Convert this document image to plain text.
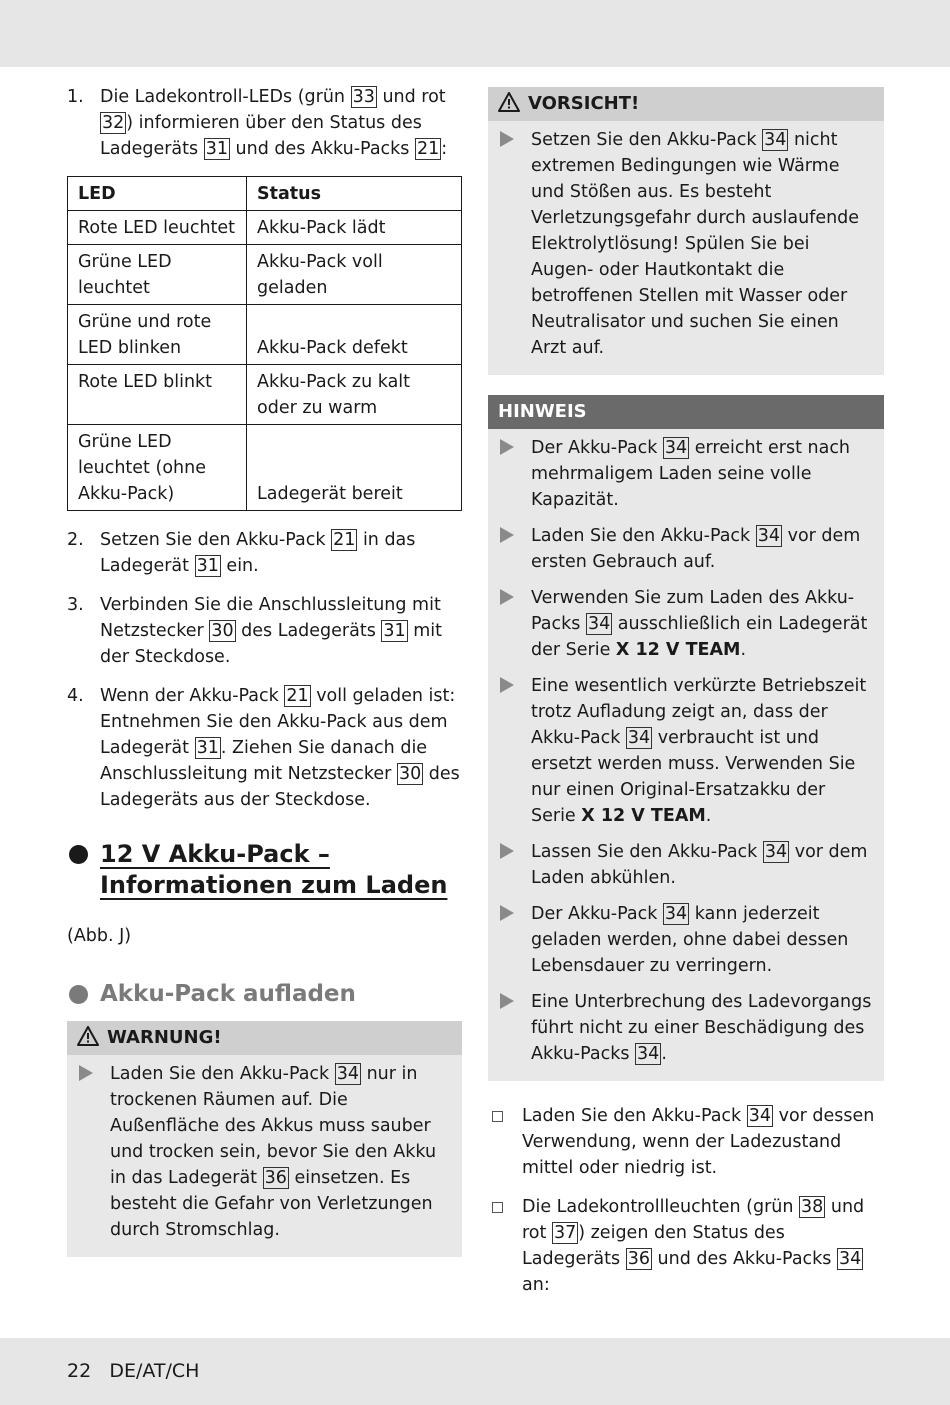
1. Die Ladekontroll-LEDs (grün 33 und rot 32 ) informieren über den Status des Ladegeräts 31 und des Akku-Packs 21 :
LED	Status
Rote LED leuchtet	Akku-Pack lädt
Grüne LED leuchtet	Akku-Pack voll geladen
Grüne und rote LED blinken	Akku-Pack defekt
Rote LED blinkt	Akku-Pack zu kalt oder zu warm
Grüne LED leuchtet (ohne Akku-Pack)	Ladegerät bereit
2. Setzen Sie den Akku-Pack 21 in das Ladegerät 31 ein.
3. Verbinden Sie die Anschlussleitung mit Netzstecker 30 des Ladegeräts 31 mit der Steckdose.
4. Wenn der Akku-Pack 21 voll geladen ist: Entnehmen Sie den Akku-Pack aus dem Ladegerät 31 . Ziehen Sie danach die Anschlussleitung mit Netzstecker 30 des Ladegeräts aus der Steckdose.
12 V Akku-Pack –
Informationen zum Laden
(Abb. J)
Akku-Pack aufladen
WARNUNG!
Laden Sie den Akku-Pack 34 nur in trockenen Räumen auf. Die Außenfläche des Akkus muss sauber und trocken sein, bevor Sie den Akku in das Ladegerät 36 einsetzen. Es besteht die Gefahr von Verletzungen durch Stromschlag.
VORSICHT!
Setzen Sie den Akku-Pack 34 nicht extremen Bedingungen wie Wärme und Stößen aus. Es besteht Verletzungsgefahr durch auslaufende Elektrolytlösung! Spülen Sie bei Augen- oder Hautkontakt die betroffenen Stellen mit Wasser oder Neutralisator und suchen Sie einen Arzt auf.
HINWEIS
Der Akku-Pack 34 erreicht erst nach mehrmaligem Laden seine volle Kapazität.
Laden Sie den Akku-Pack 34 vor dem ersten Gebrauch auf.
Verwenden Sie zum Laden des Akku-Packs 34 ausschließlich ein Ladegerät der Serie X 12 V TEAM.
Eine wesentlich verkürzte Betriebszeit trotz Aufladung zeigt an, dass der Akku-Pack 34 verbraucht ist und ersetzt werden muss. Verwenden Sie nur einen Original-Ersatzakku der Serie X 12 V TEAM.
Lassen Sie den Akku-Pack 34 vor dem Laden abkühlen.
Der Akku-Pack 34 kann jederzeit geladen werden, ohne dabei dessen Lebensdauer zu verringern.
Eine Unterbrechung des Ladevorgangs führt nicht zu einer Beschädigung des Akku-Packs 34 .
Laden Sie den Akku-Pack 34 vor dessen Verwendung, wenn der Ladezustand mittel oder niedrig ist.
Die Ladekontrollleuchten (grün 38 und rot 37 ) zeigen den Status des Ladegeräts 36 und des Akku-Packs 34 an:
22 DE/AT/CH
